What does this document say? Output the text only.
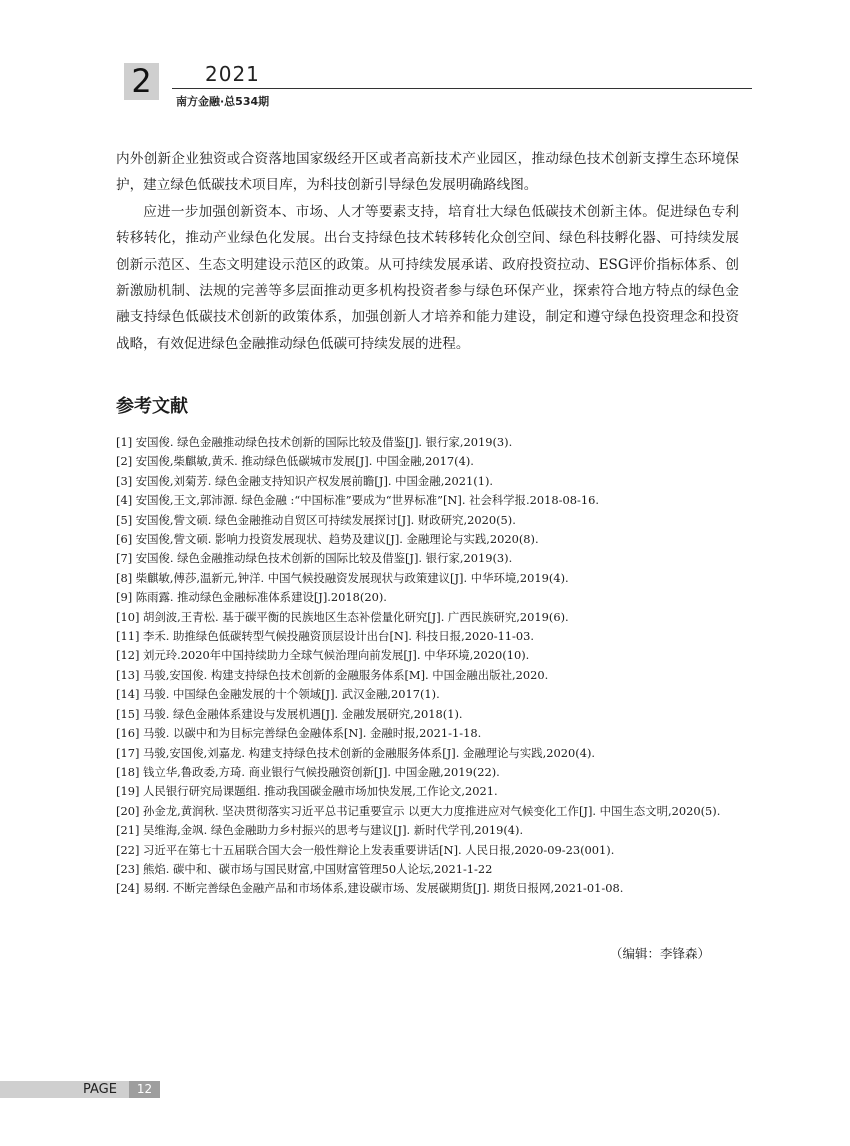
2	2021
南方金融·总534期

内外创新企业独资或合资落地国家级经开区或者高新技术产业园区，推动绿色技术创新支撑生态环境保护，建立绿色低碳技术项目库，为科技创新引导绿色发展明确路线图。

应进一步加强创新资本、市场、人才等要素支持，培育壮大绿色低碳技术创新主体。促进绿色专利转移转化，推动产业绿色化发展。出台支持绿色技术转移转化众创空间、绿色科技孵化器、可持续发展创新示范区、生态文明建设示范区的政策。从可持续发展承诺、政府投资拉动、ESG评价指标体系、创新激励机制、法规的完善等多层面推动更多机构投资者参与绿色环保产业，探索符合地方特点的绿色金融支持绿色低碳技术创新的政策体系，加强创新人才培养和能力建设，制定和遵守绿色投资理念和投资战略，有效促进绿色金融推动绿色低碳可持续发展的进程。

参考文献
[1] 安国俊. 绿色金融推动绿色技术创新的国际比较及借鉴[J]. 银行家,2019(3).
[2] 安国俊,柴麒敏,黄禾. 推动绿色低碳城市发展[J]. 中国金融,2017(4).
[3] 安国俊,刘菊芳. 绿色金融支持知识产权发展前瞻[J]. 中国金融,2021(1).
[4] 安国俊,王文,郭沛源. 绿色金融 :“中国标准”要成为“世界标准”[N]. 社会科学报.2018-08-16.
[5] 安国俊,訾文硕. 绿色金融推动自贸区可持续发展探讨[J]. 财政研究,2020(5).
[6] 安国俊,訾文硕. 影响力投资发展现状、趋势及建议[J]. 金融理论与实践,2020(8).
[7] 安国俊. 绿色金融推动绿色技术创新的国际比较及借鉴[J]. 银行家,2019(3).
[8] 柴麒敏,傅莎,温新元,钟洋. 中国气候投融资发展现状与政策建议[J]. 中华环境,2019(4).
[9] 陈雨露. 推动绿色金融标准体系建设[J].2018(20).
[10] 胡剑波,王青松. 基于碳平衡的民族地区生态补偿量化研究[J]. 广西民族研究,2019(6).
[11] 李禾. 助推绿色低碳转型气候投融资顶层设计出台[N]. 科技日报,2020-11-03.
[12] 刘元玲.2020年中国持续助力全球气候治理向前发展[J]. 中华环境,2020(10).
[13] 马骏,安国俊. 构建支持绿色技术创新的金融服务体系[M]. 中国金融出版社,2020.
[14] 马骏. 中国绿色金融发展的十个领域[J]. 武汉金融,2017(1).
[15] 马骏. 绿色金融体系建设与发展机遇[J]. 金融发展研究,2018(1).
[16] 马骏. 以碳中和为目标完善绿色金融体系[N]. 金融时报,2021-1-18.
[17] 马骏,安国俊,刘嘉龙. 构建支持绿色技术创新的金融服务体系[J]. 金融理论与实践,2020(4).
[18] 钱立华,鲁政委,方琦. 商业银行气候投融资创新[J]. 中国金融,2019(22).
[19] 人民银行研究局课题组. 推动我国碳金融市场加快发展,工作论文,2021.
[20] 孙金龙,黄润秋. 坚决贯彻落实习近平总书记重要宣示 以更大力度推进应对气候变化工作[J]. 中国生态文明,2020(5).
[21] 吴维海,金飒. 绿色金融助力乡村振兴的思考与建议[J]. 新时代学刊,2019(4).
[22] 习近平在第七十五届联合国大会一般性辩论上发表重要讲话[N]. 人民日报,2020-09-23(001).
[23] 熊焰. 碳中和、碳市场与国民财富,中国财富管理50人论坛,2021-1-22
[24] 易纲. 不断完善绿色金融产品和市场体系,建设碳市场、发展碳期货[J]. 期货日报网,2021-01-08.
（编辑：李锋森）
PAGE	12
